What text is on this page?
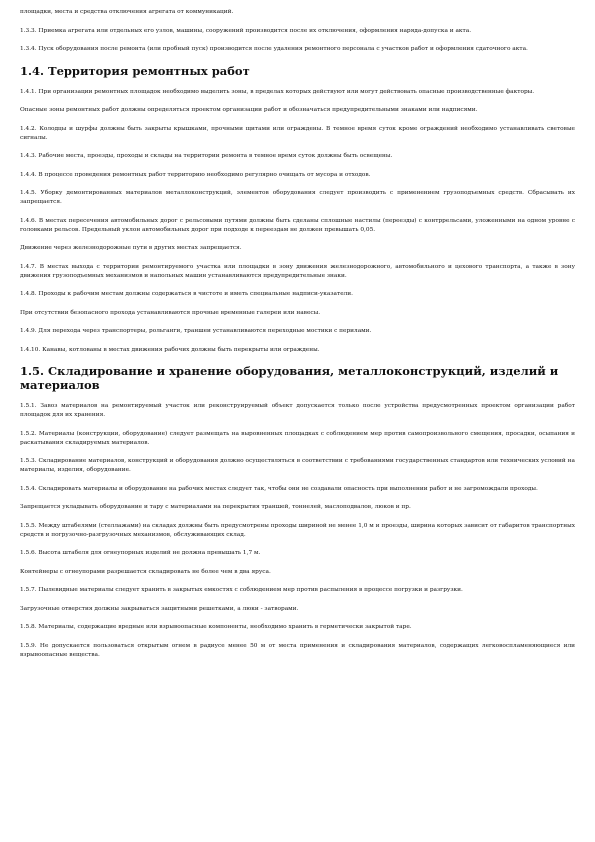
площадки, места и средства отключения агрегата от коммуникаций.

1.3.3. Приемка агрегата или отдельных его узлов, машины, сооружений производится после их отключения, оформления наряда-допуска и акта.

1.3.4. Пуск оборудования после ремонта (или пробный пуск) производится после удаления ремонтного персонала с участков работ и оформления сдаточного акта.

1.4. Территория ремонтных работ

1.4.1. При организации ремонтных площадок необходимо выделить зоны, в пределах которых действуют или могут действовать опасные производственные факторы.

Опасные зоны ремонтных работ должны определяться проектом организации работ и обозначаться предупредительными знаками или надписями.

1.4.2. Колодцы и шурфы должны быть закрыты крышками, прочными щитами или ограждены. В темное время суток кроме ограждений необходимо устанавливать световые сигналы.

1.4.3. Рабочие места, проезды, проходы и склады на территории ремонта в темное время суток должны быть освещены.

1.4.4. В процессе проведения ремонтных работ территорию необходимо регулярно очищать от мусора и отходов.

1.4.5. Уборку демонтированных материалов металлоконструкций, элементов оборудования следует производить с применением грузоподъемных средств. Сбрасывать их запрещается.

1.4.6. В местах пересечения автомобильных дорог с рельсовыми путями должны быть сделаны сплошные настилы (переезды) с контррельсами, уложенными на одном уровне с головками рельсов. Предельный уклон автомобильных дорог при подходе к переездам не должен превышать 0,05.

Движение через железнодорожные пути в других местах запрещается.

1.4.7. В местах выхода с территории ремонтируемого участка или площадки в зону движения железнодорожного, автомобильного и цехового транспорта, а также в зону движения грузоподъемных механизмов и напольных машин устанавливаются предупредительные знаки.

1.4.8. Проходы к рабочим местам должны содержаться в чистоте и иметь специальные надписи-указатели.

При отсутствии безопасного прохода устанавливаются прочные временные галереи или навесы.

1.4.9. Для перехода через транспортеры, рольганги, траншеи устанавливаются переходные мостики с перилами.

1.4.10. Канавы, котлованы в местах движения рабочих должны быть перекрыты или ограждены.

1.5. Складирование и хранение оборудования, металлоконструкций, изделий и материалов

1.5.1. Завоз материалов на ремонтируемый участок или реконструируемый объект допускается только после устройства предусмотренных проектом организации работ площадок для их хранения.

1.5.2. Материалы (конструкции, оборудование) следует размещать на выровненных площадках с соблюдением мер против самопроизвольного смещения, просадки, осыпания и раскатывания складируемых материалов.

1.5.3. Складирование материалов, конструкций и оборудования должно осуществляться в соответствии с требованиями государственных стандартов или технических условий на материалы, изделия, оборудование.

1.5.4. Складировать материалы и оборудование на рабочих местах следует так, чтобы они не создавали опасность при выполнении работ и не загромождали проходы.

Запрещается укладывать оборудование и тару с материалами на перекрытия траншей, тоннелей, маслоподвалов, люков и пр.

1.5.5. Между штабелями (стеллажами) на складах должны быть предусмотрены проходы шириной не менее 1,0 м и проезды, ширина которых зависит от габаритов транспортных средств и погрузочно-разгрузочных механизмов, обслуживающих склад.

1.5.6. Высота штабеля для огнеупорных изделий не должна превышать 1,7 м.

Контейнеры с огнеупорами разрешается складировать не более чем в два яруса.

1.5.7. Пылевидные материалы следует хранить в закрытых емкостях с соблюдением мер против распыления в процессе погрузки и разгрузки.

Загрузочные отверстия должны закрываться защитными решетками, а люки - затворами.

1.5.8. Материалы, содержащие вредные или взрывоопасные компоненты, необходимо хранить в герметически закрытой таре.

1.5.9. Не допускается пользоваться открытым огнем в радиусе менее 50 м от места применения и складирования материалов, содержащих легковоспламеняющиеся или взрывоопасные вещества.
